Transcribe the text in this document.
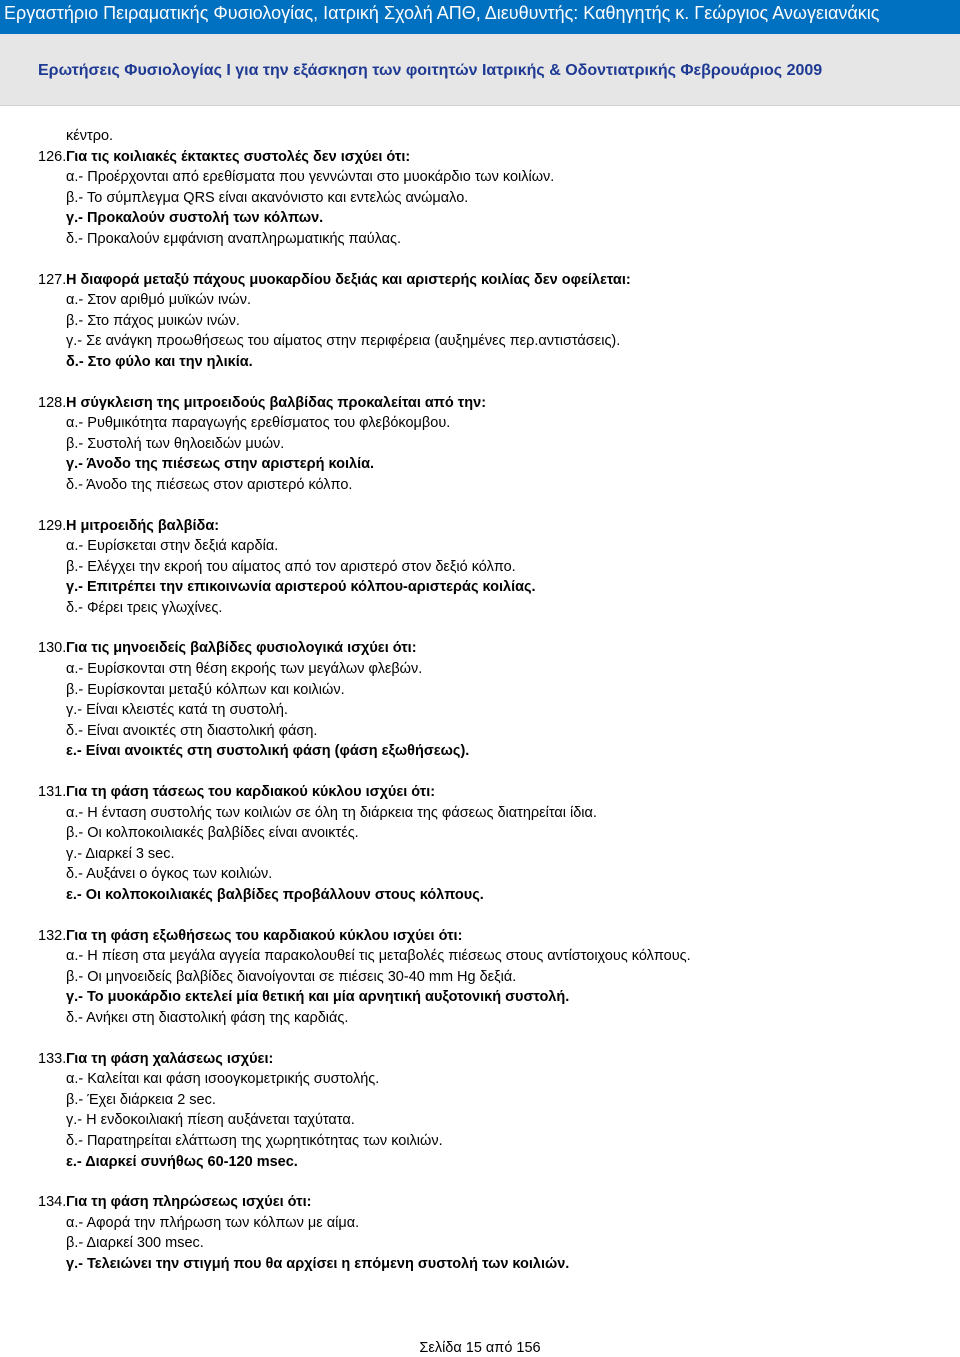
Εργαστήριο Πειραματικής Φυσιολογίας, Ιατρική Σχολή ΑΠΘ, Διευθυντής: Καθηγητής κ. Γεώργιος Ανωγειανάκις
Ερωτήσεις Φυσιολογίας Ι για την εξάσκηση των φοιτητών Ιατρικής & Οδοντιατρικής Φεβρουάριος 2009
κέντρο.
126. Για τις κοιλιακές έκτακτες συστολές δεν ισχύει ότι:
α.- Προέρχονται από ερεθίσματα που γεννώνται στο μυοκάρδιο των κοιλίων.
β.- Το σύμπλεγμα QRS είναι ακανόνιστο και εντελώς ανώμαλο.
γ.- Προκαλούν συστολή των κόλπων.
δ.- Προκαλούν εμφάνιση αναπληρωματικής παύλας.
127. Η διαφορά μεταξύ πάχους μυοκαρδίου δεξιάς και αριστερής κοιλίας δεν οφείλεται:
α.- Στον αριθμό μυϊκών ινών.
β.- Στο πάχος μυικών ινών.
γ.- Σε ανάγκη προωθήσεως του αίματος στην περιφέρεια (αυξημένες περ.αντιστάσεις).
δ.- Στο φύλο και την ηλικία.
128. Η σύγκλειση της μιτροειδούς βαλβίδας προκαλείται από την:
α.- Ρυθμικότητα παραγωγής ερεθίσματος του φλεβόκομβου.
β.- Συστολή των θηλοειδών μυών.
γ.- Άνοδο της πιέσεως στην αριστερή κοιλία.
δ.- Άνοδο της πιέσεως στον αριστερό κόλπο.
129. Η μιτροειδής βαλβίδα:
α.- Ευρίσκεται στην δεξιά καρδία.
β.- Ελέγχει την εκροή του αίματος από τον αριστερό στον δεξιό κόλπο.
γ.- Επιτρέπει την επικοινωνία αριστερού κόλπου-αριστεράς κοιλίας.
δ.- Φέρει τρεις γλωχίνες.
130. Για τις μηνοειδείς βαλβίδες φυσιολογικά ισχύει ότι:
α.- Ευρίσκονται στη θέση εκροής των μεγάλων φλεβών.
β.- Ευρίσκονται μεταξύ κόλπων και κοιλιών.
γ.- Είναι κλειστές κατά τη συστολή.
δ.- Είναι ανοικτές στη διαστολική φάση.
ε.- Είναι ανοικτές στη συστολική φάση (φάση εξωθήσεως).
131. Για τη φάση τάσεως του καρδιακού κύκλου ισχύει ότι:
α.- Η ένταση συστολής των κοιλιών σε όλη τη διάρκεια της φάσεως διατηρείται ίδια.
β.- Οι κολποκοιλιακές βαλβίδες είναι ανοικτές.
γ.- Διαρκεί 3 sec.
δ.- Αυξάνει ο όγκος των κοιλιών.
ε.- Οι κολποκοιλιακές βαλβίδες προβάλλουν στους κόλπους.
132. Για τη φάση εξωθήσεως του καρδιακού κύκλου ισχύει ότι:
α.- Η πίεση στα μεγάλα αγγεία παρακολουθεί τις μεταβολές πιέσεως στους αντίστοιχους κόλπους.
β.- Οι μηνοειδείς βαλβίδες διανοίγονται σε πιέσεις 30-40 mm Hg δεξιά.
γ.- Το μυοκάρδιο εκτελεί μία θετική και μία αρνητική αυξοτονική συστολή.
δ.- Ανήκει στη διαστολική φάση της καρδιάς.
133. Για τη φάση χαλάσεως ισχύει:
α.- Καλείται και φάση ισοογκομετρικής συστολής.
β.- Έχει διάρκεια 2 sec.
γ.- Η ενδοκοιλιακή πίεση αυξάνεται ταχύτατα.
δ.- Παρατηρείται ελάττωση της χωρητικότητας των κοιλιών.
ε.- Διαρκεί συνήθως 60-120 msec.
134. Για τη φάση πληρώσεως ισχύει ότι:
α.- Αφορά την πλήρωση των κόλπων με αίμα.
β.- Διαρκεί 300 msec.
γ.- Τελειώνει την στιγμή που θα αρχίσει η επόμενη συστολή των κοιλιών.
Σελίδα 15 από 156
